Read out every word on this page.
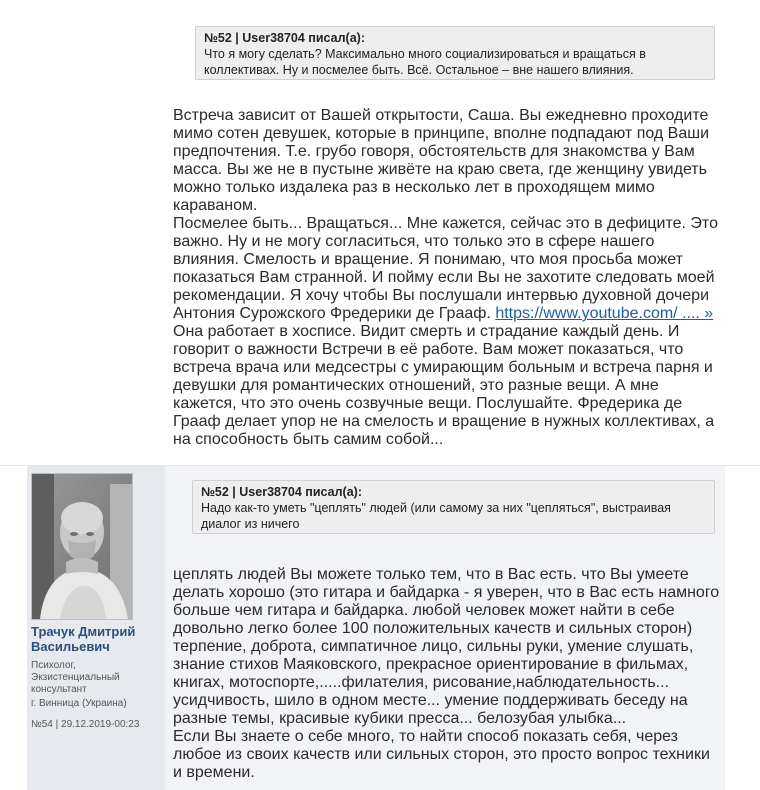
№52 | User38704 писал(а):
Что я могу сделать? Максимально много социализироваться и вращаться в коллективах. Ну и посмелее быть. Всё. Остальное – вне нашего влияния.

Встреча зависит от Вашей открытости, Саша. Вы ежедневно проходите мимо сотен девушек, которые в принципе, вполне подпадают под Ваши предпочтения. Т.е. грубо говоря, обстоятельств для знакомства у Вам масса. Вы же не в пустыне живёте на краю света, где женщину увидеть можно только издалека раз в несколько лет в проходящем мимо караваном.

Посмелее быть... Вращаться... Мне кажется, сейчас это в дефиците. Это важно. Ну и не могу согласиться, что только это в сфере нашего влияния. Смелость и вращение. Я понимаю, что моя просьба может показаться Вам странной. И пойму если Вы не захотите следовать моей рекомендации. Я хочу чтобы Вы послушали интервью духовной дочери Антония Сурожского Фредерики де Грааф. https://www.youtube.com/ .... » Она работает в хосписе. Видит смерть и страдание каждый день. И говорит о важности Встречи в её работе. Вам может показаться, что встреча врача или медсестры с умирающим больным и встреча парня и девушки для романтических отношений, это разные вещи. А мне кажется, что это очень созвучные вещи. Послушайте. Фредерика де Грааф делает упор не на смелость и вращение в нужных коллективах, а на способность быть самим собой...

Трачук Дмитрий Васильевич
Психолог, Экзистенциальный консультант
г. Винница (Украина)
№54 | 29.12.2019-00:23
№52 | User38704 писал(а):
Надо как-то уметь "цеплять" людей (или самому за них "цепляться", выстраивая диалог из ничего

цеплять людей Вы можете только тем, что в Вас есть. что Вы умеете делать хорошо (это гитара и байдарка - я уверен, что в Вас есть намного больше чем гитара и байдарка. любой человек может найти в себе довольно легко более 100 положительных качеств и сильных сторон) терпение, доброта, симпатичное лицо, сильны руки, умение слушать, знание стихов Маяковского, прекрасное ориентирование в фильмах, книгах, мотоспорте,.....филателия, рисование,наблюдательность... усидчивость, шило в одном месте... умение поддерживать беседу на разные темы, красивые кубики пресса... белозубая улыбка...

Если Вы знаете о себе много, то найти способ показать себя, через любое из своих качеств или сильных сторон, это просто вопрос техники и времени.
